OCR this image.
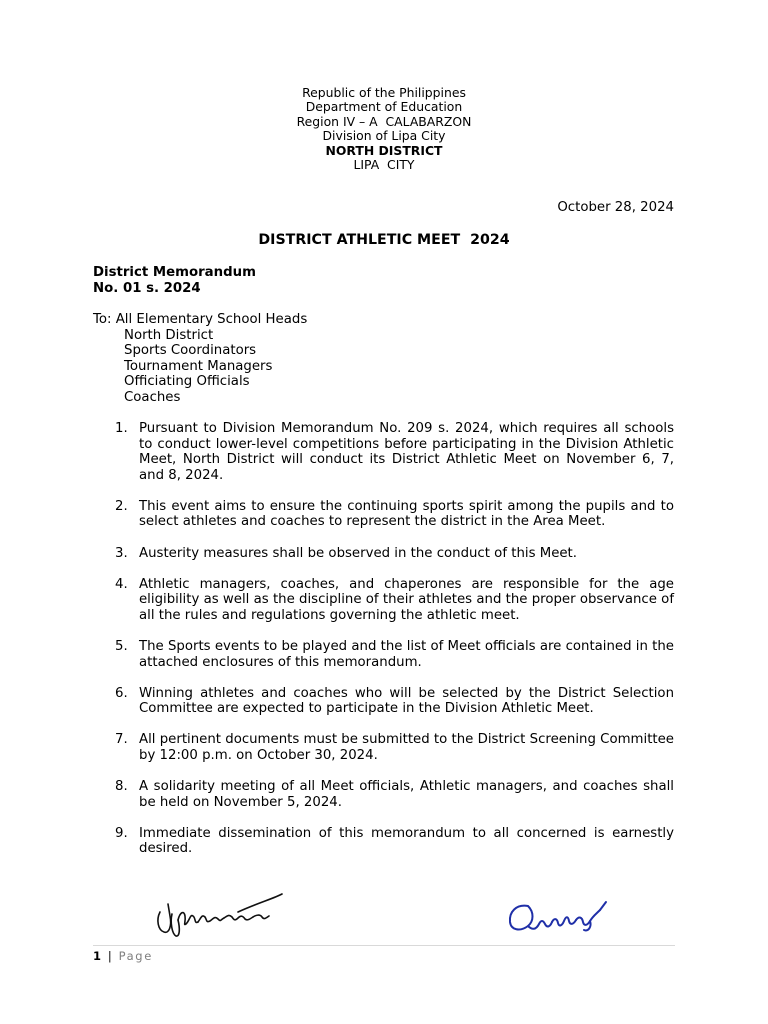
Republic of the Philippines
Department of Education
Region IV – A  CALABARZON
Division of Lipa City
NORTH DISTRICT
LIPA  CITY
October 28, 2024
DISTRICT ATHLETIC MEET  2024
District Memorandum
No. 01 s. 2024
To: All Elementary School Heads
North District
Sports Coordinators
Tournament Managers
Officiating Officials
Coaches
1. Pursuant to Division Memorandum No. 209 s. 2024, which requires all schools to conduct lower-level competitions before participating in the Division Athletic Meet, North District will conduct its District Athletic Meet on November 6, 7, and 8, 2024.
2. This event aims to ensure the continuing sports spirit among the pupils and to select athletes and coaches to represent the district in the Area Meet.
3. Austerity measures shall be observed in the conduct of this Meet.
4. Athletic managers, coaches, and chaperones are responsible for the age eligibility as well as the discipline of their athletes and the proper observance of all the rules and regulations governing the athletic meet.
5. The Sports events to be played and the list of Meet officials are contained in the attached enclosures of this memorandum.
6. Winning athletes and coaches who will be selected by the District Selection Committee are expected to participate in the Division Athletic Meet.
7. All pertinent documents must be submitted to the District Screening Committee by 12:00 p.m. on October 30, 2024.
8. A solidarity meeting of all Meet officials, Athletic managers, and coaches shall be held on November 5, 2024.
9. Immediate dissemination of this memorandum to all concerned is earnestly desired.
1 | Page
